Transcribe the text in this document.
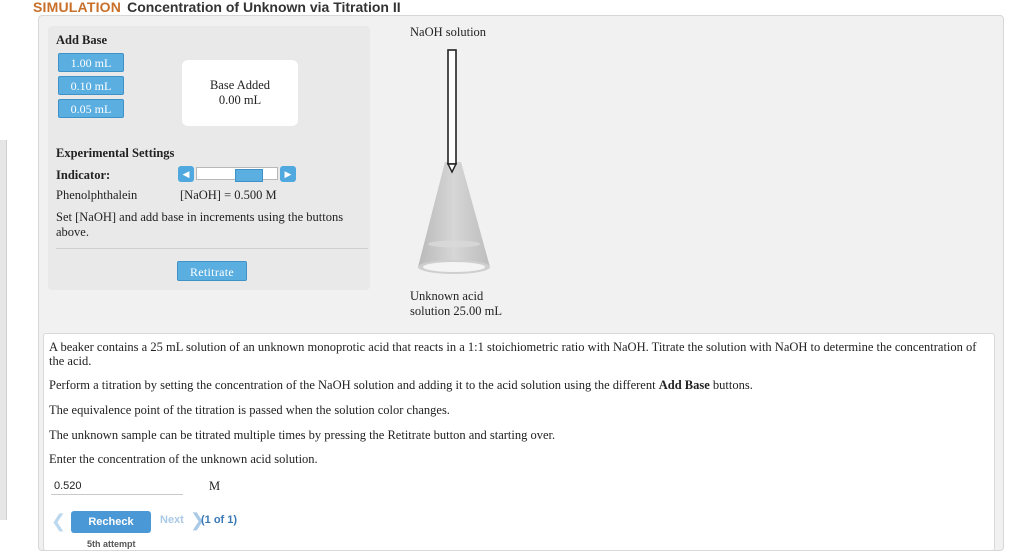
SIMULATION Concentration of Unknown via Titration II
Add Base
1.00 mL
0.10 mL
0.05 mL
Base Added
0.00 mL
Experimental Settings
Indicator:	◀	▶
Phenolphthalein	[NaOH] = 0.500 M
Set [NaOH] and add base in increments using the buttons above.
Retitrate
NaOH solution
Unknown acid
solution 25.00 mL
A beaker contains a 25 mL solution of an unknown monoprotic acid that reacts in a 1:1 stoichiometric ratio with NaOH. Titrate the solution with NaOH to determine the concentration of the acid.
Perform a titration by setting the concentration of the NaOH solution and adding it to the acid solution using the different Add Base buttons.
The equivalence point of the titration is passed when the solution color changes.
The unknown sample can be titrated multiple times by pressing the Retitrate button and starting over.
Enter the concentration of the unknown acid solution.
0.520
M
❮	Recheck	Next ❯
(1 of 1)
5th attempt
